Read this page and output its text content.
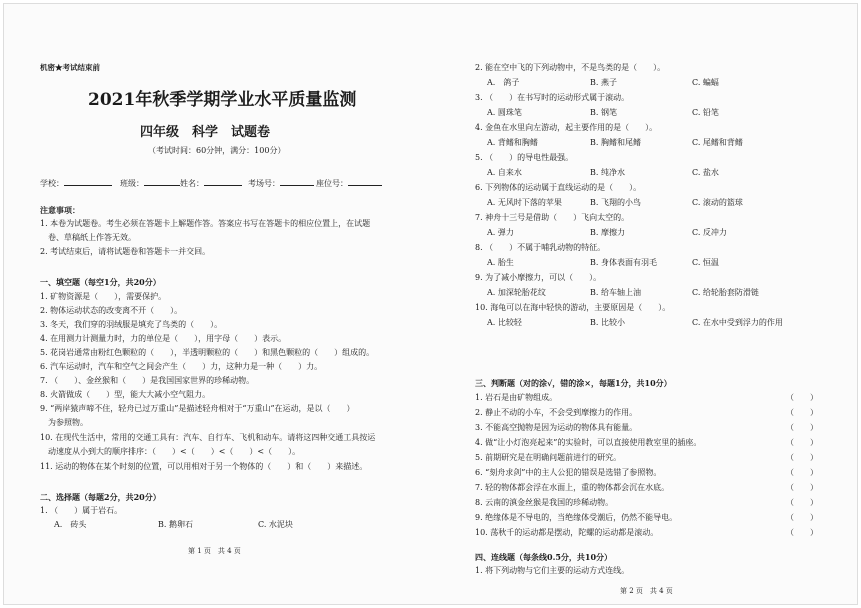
机密★考试结束前
2021年秋季学期学业水平质量监测
四年级　科学　试题卷
（考试时间：60分钟，满分：100分）
学校：	班级：	姓名：	考场号：	座位号：
注意事项：
1. 本卷为试题卷。考生必须在答题卡上解题作答。答案应书写在答题卡的相应位置上，在试题
　卷、草稿纸上作答无效。
2. 考试结束后，请将试题卷和答题卡一并交回。
一、填空题（每空1分，共20分）
1. 矿物资源是（　　），需要保护。
2. 物体运动状态的改变离不开（　　）。
3. 冬天，我们穿的羽绒服是填充了鸟类的（　　）。
4. 在用测力计测量力时，力的单位是（　　），用字母（　　）表示。
5. 花岗岩通常由粉红色颗粒的（　　），半透明颗粒的（　　）和黑色颗粒的（　　）组成的。
6. 汽车运动时，汽车和空气之间会产生（　　）力，这种力是一种（　　）力。
7. （　　）、金丝猴和（　　）是我国国家世界的珍稀动物。
8. 火箭做成（　　）型，能大大减小空气阻力。
9. “两岸猿声啼不住，轻舟已过万重山”是描述轻舟相对于“万重山”在运动，是以（　　）
　为参照物。
10. 在现代生活中，常用的交通工具有：汽车、自行车、飞机和动车。请将这四种交通工具按运
　动速度从小到大的顺序排序：（　　）<（　　）<（　　）<（　　）。
11. 运动的物体在某个时刻的位置，可以用相对于另一个物体的（　　）和（　　）来描述。
二、选择题（每题2分，共20分）
1. （　　）属于岩石。
A.　砖头	B. 鹅卵石	C. 水泥块
第 1 页　共 4 页
2. 能在空中飞的下列动物中，不是鸟类的是（　　）。
A.　鸽子	B. 燕子	C. 蝙蝠
3. （　　）在书写时的运动形式属于滚动。
A. 圆珠笔	B. 钢笔	C. 铅笔
4. 金鱼在水里向左游动，起主要作用的是（　　）。
A. 背鳍和胸鳍	B. 胸鳍和尾鳍	C. 尾鳍和背鳍
5. （　　）的导电性最强。
A. 自来水	B. 纯净水	C. 盐水
6. 下列物体的运动属于直线运动的是（　　）。
A. 无风时下落的苹果	B. 飞翔的小鸟	C. 滚动的篮球
7. 神舟十三号是借助（　　）飞向太空的。
A. 弹力	B. 摩擦力	C. 反冲力
8. （　　）不属于哺乳动物的特征。
A. 胎生	B. 身体表面有羽毛	C. 恒温
9. 为了减小摩擦力，可以（　　）。
A. 加深轮胎花纹	B. 给车轴上油	C. 给轮胎套防滑链
10. 海龟可以在海中轻快的游动，主要原因是（　　）。
A. 比较轻	B. 比较小	C. 在水中受到浮力的作用
三、判断题（对的涂√，错的涂×，每题1分，共10分）
1. 岩石是由矿物组成。	（　　）
2. 静止不动的小车，不会受到摩擦力的作用。	（　　）
3. 不能高空抛物是因为运动的物体具有能量。	（　　）
4. 做“让小灯泡亮起来”的实验时，可以直接使用教室里的插座。	（　　）
5. 前期研究是在明确问题前进行的研究。	（　　）
6. “刻舟求剑”中的主人公犯的错误是选错了参照物。	（　　）
7. 轻的物体都会浮在水面上，重的物体都会沉在水底。	（　　）
8. 云南的滇金丝猴是我国的珍稀动物。	（　　）
9. 绝缘体是不导电的，当绝缘体受潮后，仍然不能导电。	（　　）
10. 荡秋千的运动都是摆动，陀螺的运动都是滚动。	（　　）
四、连线题（每条线0.5分，共10分）
1. 将下列动物与它们主要的运动方式连线。
第 2 页　共 4 页
